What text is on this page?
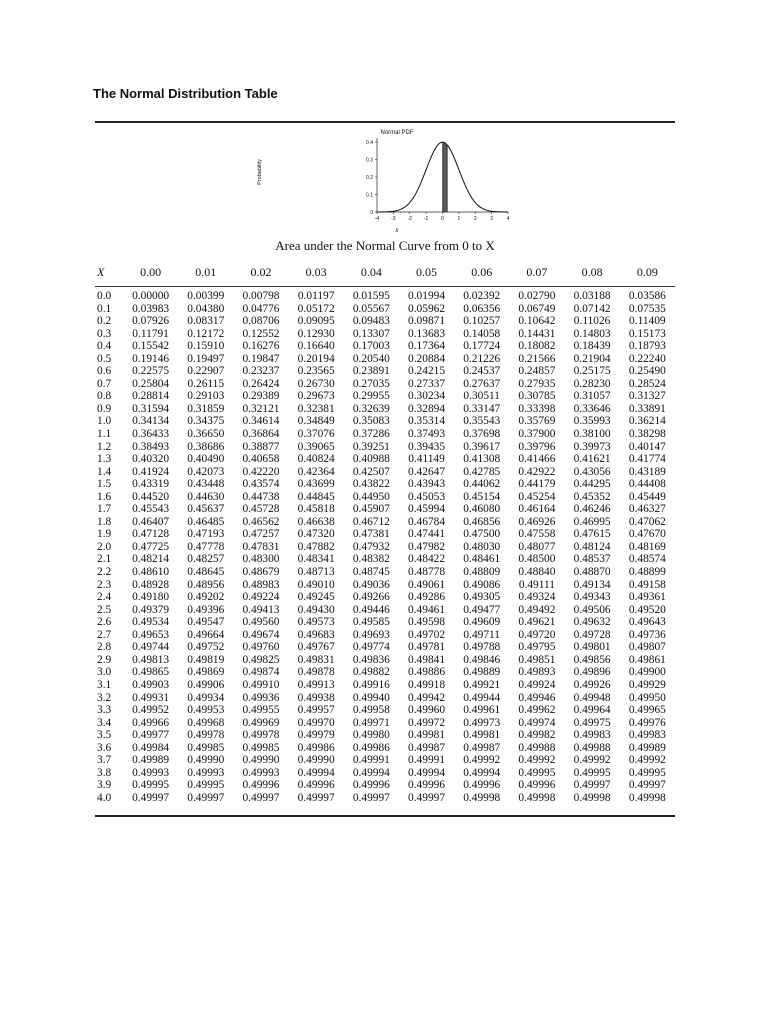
The Normal Distribution Table
Normal PDF
Probability
x
0.4
0.3
0.2
0.1
0
-4 -3 -2 -1	0	1	2	3	4
Area under the Normal Curve from 0 to X
X	0.00	0.01	0.02	0.03	0.04	0.05	0.06	0.07	0.08	0.09
0.0	0.00000	0.00399	0.00798	0.01197	0.01595	0.01994	0.02392	0.02790	0.03188	0.03586
0.1	0.03983	0.04380	0.04776	0.05172	0.05567	0.05962	0.06356	0.06749	0.07142	0.07535
0.2	0.07926	0.08317	0.08706	0.09095	0.09483	0.09871	0.10257	0.10642	0.11026	0.11409
0.3	0.11791	0.12172	0.12552	0.12930	0.13307	0.13683	0.14058	0.14431	0.14803	0.15173
0.4	0.15542	0.15910	0.16276	0.16640	0.17003	0.17364	0.17724	0.18082	0.18439	0.18793
0.5	0.19146	0.19497	0.19847	0.20194	0.20540	0.20884	0.21226	0.21566	0.21904	0.22240
0.6	0.22575	0.22907	0.23237	0.23565	0.23891	0.24215	0.24537	0.24857	0.25175	0.25490
0.7	0.25804	0.26115	0.26424	0.26730	0.27035	0.27337	0.27637	0.27935	0.28230	0.28524
0.8	0.28814	0.29103	0.29389	0.29673	0.29955	0.30234	0.30511	0.30785	0.31057	0.31327
0.9	0.31594	0.31859	0.32121	0.32381	0.32639	0.32894	0.33147	0.33398	0.33646	0.33891
1.0	0.34134	0.34375	0.34614	0.34849	0.35083	0.35314	0.35543	0.35769	0.35993	0.36214
1.1	0.36433	0.36650	0.36864	0.37076	0.37286	0.37493	0.37698	0.37900	0.38100	0.38298
1.2	0.38493	0.38686	0.38877	0.39065	0.39251	0.39435	0.39617	0.39796	0.39973	0.40147
1.3	0.40320	0.40490	0.40658	0.40824	0.40988	0.41149	0.41308	0.41466	0.41621	0.41774
1.4	0.41924	0.42073	0.42220	0.42364	0.42507	0.42647	0.42785	0.42922	0.43056	0.43189
1.5	0.43319	0.43448	0.43574	0.43699	0.43822	0.43943	0.44062	0.44179	0.44295	0.44408
1.6	0.44520	0.44630	0.44738	0.44845	0.44950	0.45053	0.45154	0.45254	0.45352	0.45449
1.7	0.45543	0.45637	0.45728	0.45818	0.45907	0.45994	0.46080	0.46164	0.46246	0.46327
1.8	0.46407	0.46485	0.46562	0.46638	0.46712	0.46784	0.46856	0.46926	0.46995	0.47062
1.9	0.47128	0.47193	0.47257	0.47320	0.47381	0.47441	0.47500	0.47558	0.47615	0.47670
2.0	0.47725	0.47778	0.47831	0.47882	0.47932	0.47982	0.48030	0.48077	0.48124	0.48169
2.1	0.48214	0.48257	0.48300	0.48341	0.48382	0.48422	0.48461	0.48500	0.48537	0.48574
2.2	0.48610	0.48645	0.48679	0.48713	0.48745	0.48778	0.48809	0.48840	0.48870	0.48899
2.3	0.48928	0.48956	0.48983	0.49010	0.49036	0.49061	0.49086	0.49111	0.49134	0.49158
2.4	0.49180	0.49202	0.49224	0.49245	0.49266	0.49286	0.49305	0.49324	0.49343	0.49361
2.5	0.49379	0.49396	0.49413	0.49430	0.49446	0.49461	0.49477	0.49492	0.49506	0.49520
2.6	0.49534	0.49547	0.49560	0.49573	0.49585	0.49598	0.49609	0.49621	0.49632	0.49643
2.7	0.49653	0.49664	0.49674	0.49683	0.49693	0.49702	0.49711	0.49720	0.49728	0.49736
2.8	0.49744	0.49752	0.49760	0.49767	0.49774	0.49781	0.49788	0.49795	0.49801	0.49807
2.9	0.49813	0.49819	0.49825	0.49831	0.49836	0.49841	0.49846	0.49851	0.49856	0.49861
3.0	0.49865	0.49869	0.49874	0.49878	0.49882	0.49886	0.49889	0.49893	0.49896	0.49900
3.1	0.49903	0.49906	0.49910	0.49913	0.49916	0.49918	0.49921	0.49924	0.49926	0.49929
3.2	0.49931	0.49934	0.49936	0.49938	0.49940	0.49942	0.49944	0.49946	0.49948	0.49950
3.3	0.49952	0.49953	0.49955	0.49957	0.49958	0.49960	0.49961	0.49962	0.49964	0.49965
3.4	0.49966	0.49968	0.49969	0.49970	0.49971	0.49972	0.49973	0.49974	0.49975	0.49976
3.5	0.49977	0.49978	0.49978	0.49979	0.49980	0.49981	0.49981	0.49982	0.49983	0.49983
3.6	0.49984	0.49985	0.49985	0.49986	0.49986	0.49987	0.49987	0.49988	0.49988	0.49989
3.7	0.49989	0.49990	0.49990	0.49990	0.49991	0.49991	0.49992	0.49992	0.49992	0.49992
3.8	0.49993	0.49993	0.49993	0.49994	0.49994	0.49994	0.49994	0.49995	0.49995	0.49995
3.9	0.49995	0.49995	0.49996	0.49996	0.49996	0.49996	0.49996	0.49996	0.49997	0.49997
4.0	0.49997	0.49997	0.49997	0.49997	0.49997	0.49997	0.49998	0.49998	0.49998	0.49998
